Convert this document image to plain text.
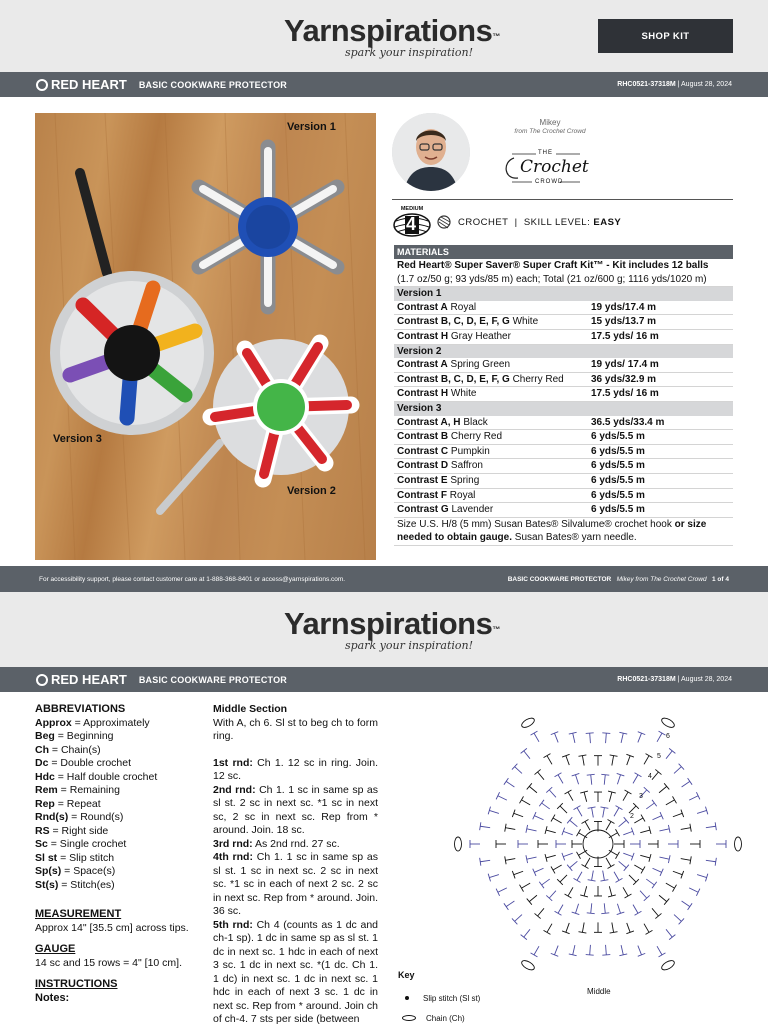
Yarnspirations™
spark your inspiration!
SHOP KIT
RED HEART BASIC COOKWARE PROTECTOR	RHC0521-37318M | August 28, 2024
Version 1
Version 3
Version 2
Mikey
from The Crochet Crowd
THE
Crochet
CROWD
MEDIUM
4	CROCHET | SKILL LEVEL: EASY
MATERIALS
Red Heart® Super Saver® Super Craft Kit™ - Kit includes 12 balls
(1.7 oz/50 g; 93 yds/85 m) each; Total (21 oz/600 g; 1116 yds/1020 m)
Version 1
Contrast A Royal	19 yds/17.4 m
Contrast B, C, D, E, F, G White	15 yds/13.7 m
Contrast H Gray Heather	17.5 yds/ 16 m
Version 2
Contrast A Spring Green	19 yds/ 17.4 m
Contrast B, C, D, E, F, G Cherry Red	36 yds/32.9 m
Contrast H White	17.5 yds/ 16 m
Version 3
Contrast A, H Black	36.5 yds/33.4 m
Contrast B Cherry Red	6 yds/5.5 m
Contrast C Pumpkin	6 yds/5.5 m
Contrast D Saffron	6 yds/5.5 m
Contrast E Spring	6 yds/5.5 m
Contrast F Royal	6 yds/5.5 m
Contrast G Lavender	6 yds/5.5 m
Size U.S. H/8 (5 mm) Susan Bates® Silvalume® crochet hook or size needed to obtain gauge. Susan Bates® yarn needle.
For accessibility support, please contact customer care at 1-888-368-8401 or access@yarnspirations.com.	BASIC COOKWARE PROTECTOR Mikey from The Crochet Crowd 1 of 4
Yarnspirations™
spark your inspiration!
RED HEART BASIC COOKWARE PROTECTOR	RHC0521-37318M | August 28, 2024
ABBREVIATIONS
Approx = Approximately
Beg = Beginning
Ch = Chain(s)
Dc = Double crochet
Hdc = Half double crochet
Rem = Remaining
Rep = Repeat
Rnd(s) = Round(s)
RS = Right side
Sc = Single crochet
Sl st = Slip stitch
Sp(s) = Space(s)
St(s) = Stitch(es)
MEASUREMENT
Approx 14" [35.5 cm] across tips.
GAUGE
14 sc and 15 rows = 4" [10 cm].
INSTRUCTIONS
Notes:

Middle Section

With A, ch 6. Sl st to beg ch to form ring.

1st rnd: Ch 1. 12 sc in ring. Join. 12 sc.

2nd rnd: Ch 1. 1 sc in same sp as sl st. 2 sc in next sc. *1 sc in next sc, 2 sc in next sc. Rep from * around. Join. 18 sc.

3rd rnd: As 2nd rnd. 27 sc.

4th rnd: Ch 1. 1 sc in same sp as sl st. 1 sc in next sc. 2 sc in next sc. *1 sc in each of next 2 sc. 2 sc in next sc. Rep from * around. Join. 36 sc.

5th rnd: Ch 4 (counts as 1 dc and ch-1 sp). 1 dc in same sp as sl st. 1 dc in next sc. 1 hdc in each of next 3 sc. 1 dc in next sc. *(1 dc. Ch 1. 1 dc) in next sc. 1 dc in next sc. 1 hdc in each of next 3 sc. 1 dc in next sc. Rep from * around. Join ch of ch-4. 7 sts per side (between

6
5
4
3
2
Key
Slip stitch (Sl st)
Chain (Ch)
Middle
